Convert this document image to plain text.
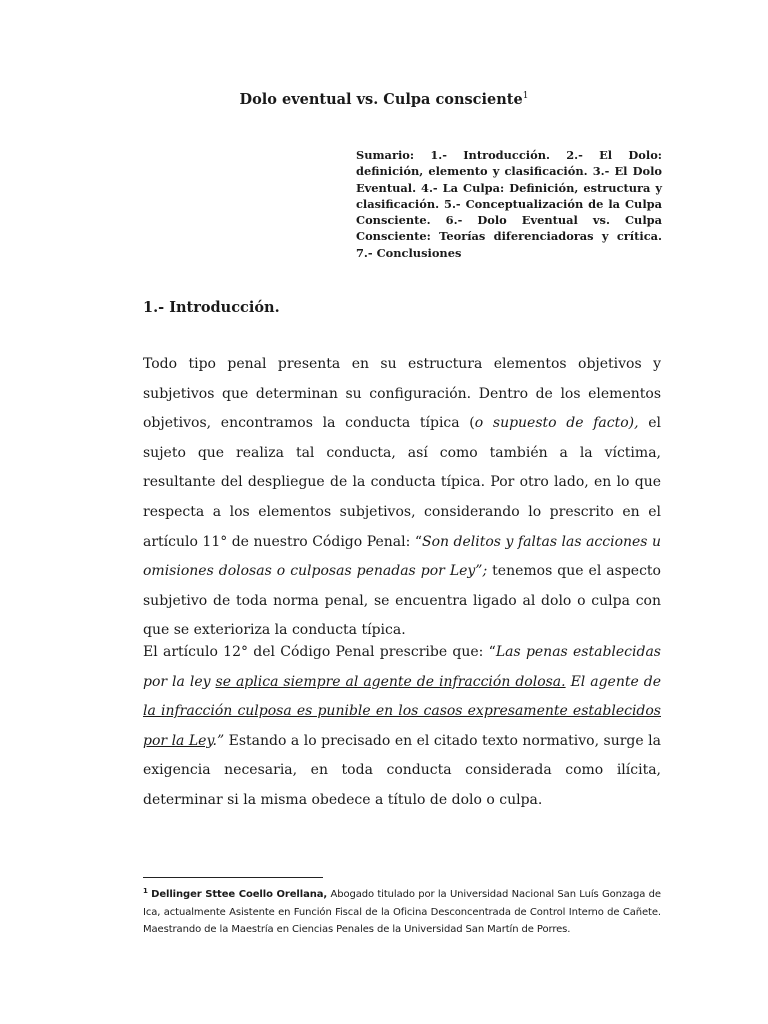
Dolo eventual vs. Culpa consciente$^1$
Sumario: 1.- Introducción. 2.- El Dolo: definición, elemento y clasificación. 3.- El Dolo Eventual. 4.- La Culpa: Definición, estructura y clasificación. 5.- Conceptualización de la Culpa Consciente. 6.- Dolo Eventual vs. Culpa Consciente: Teorías diferenciadoras y crítica. 7.- Conclusiones
1.- Introducción.
Todo tipo penal presenta en su estructura elementos objetivos y subjetivos que determinan su configuración. Dentro de los elementos objetivos, encontramos la conducta típica (o supuesto de facto), el sujeto que realiza tal conducta, así como también a la víctima, resultante del despliegue de la conducta típica. Por otro lado, en lo que respecta a los elementos subjetivos, considerando lo prescrito en el artículo 11° de nuestro Código Penal: “Son delitos y faltas las acciones u omisiones dolosas o culposas penadas por Ley”; tenemos que el aspecto subjetivo de toda norma penal, se encuentra ligado al dolo o culpa con que se exterioriza la conducta típica.
El artículo 12° del Código Penal prescribe que: “Las penas establecidas por la ley se aplica siempre al agente de infracción dolosa. El agente de la infracción culposa es punible en los casos expresamente establecidos por la Ley.” Estando a lo precisado en el citado texto normativo, surge la exigencia necesaria, en toda conducta considerada como ilícita, determinar si la misma obedece a título de dolo o culpa.
$^1$ Dellinger Sttee Coello Orellana, Abogado titulado por la Universidad Nacional San Luís Gonzaga de Ica, actualmente Asistente en Función Fiscal de la Oficina Desconcentrada de Control Interno de Cañete. Maestrando de la Maestría en Ciencias Penales de la Universidad San Martín de Porres.
